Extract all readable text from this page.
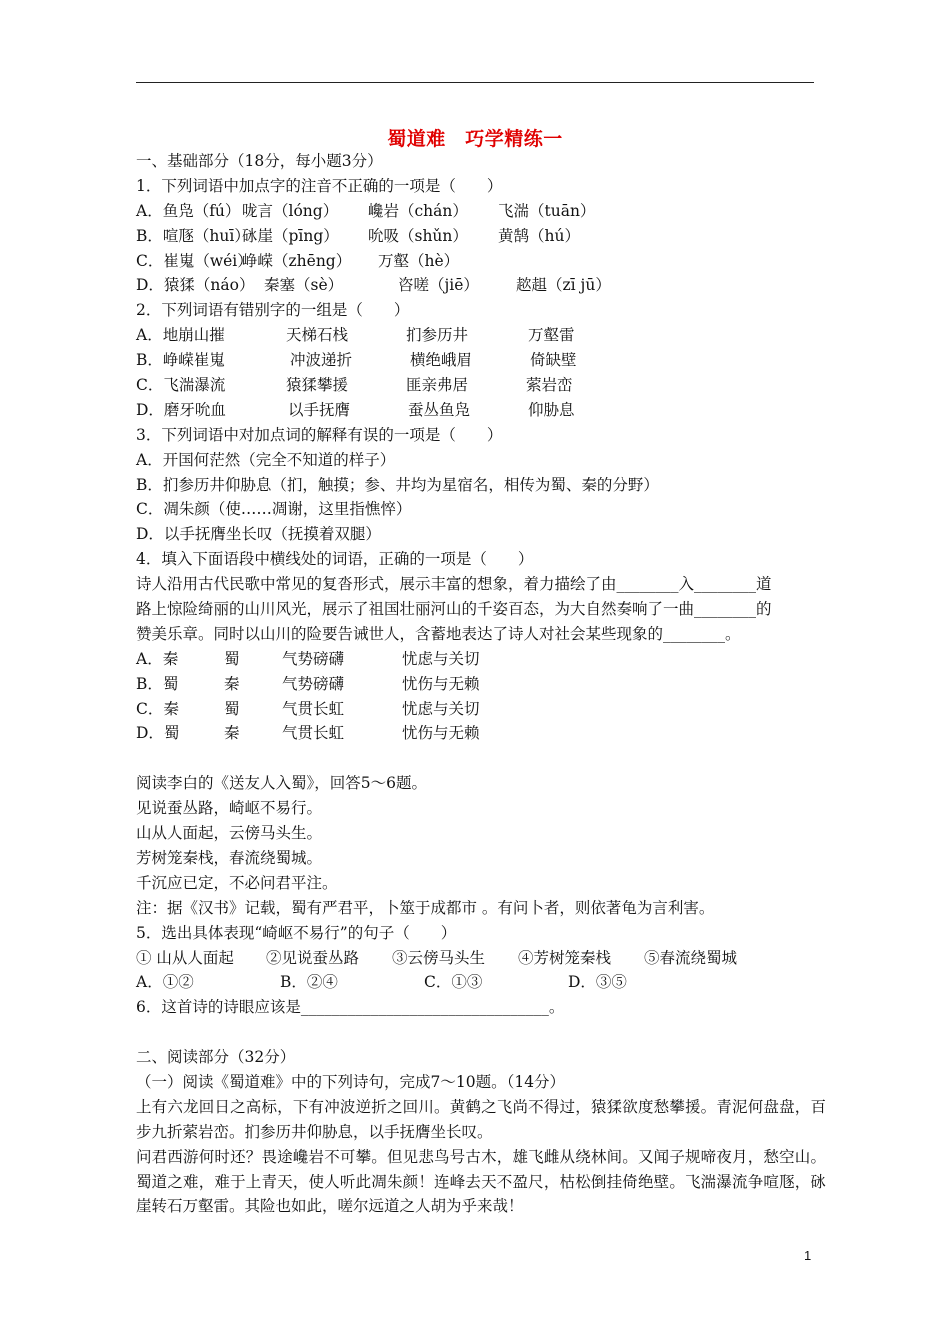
蜀道难　巧学精练一
一、基础部分（18分，每小题3分）
1．下列词语中加点字的注音不正确的一项是（　　）
A．鱼凫（fú） 咙言（lóng） 巉岩（chán） 飞湍（tuān）
B．喧豗（huī）砯崖（pīng） 吮吸（shǔn） 黄鹄（hú）
C．崔嵬（wéi）峥嵘（zhēng） 万壑（hè）
D．猿猱（náo） 秦塞（sè）	咨嗟（jiē） 趑趄（zī jū）
2．下列词语有错别字的一组是（　　）
A．地崩山摧	天梯石栈	扪参历井	万壑雷
B．峥嵘崔嵬	冲波递折	横绝峨眉	倚缺壁
C．飞湍瀑流	猿猱攀援	匪亲弗居	萦岩峦
D．磨牙吮血	以手抚膺	蚕丛鱼凫	仰胁息
3．下列词语中对加点词的解释有误的一项是（　　）
A．开国何茫然（完全不知道的样子）
B．扪参历井仰胁息（扪，触摸；参、井均为星宿名，相传为蜀、秦的分野）
C．凋朱颜（使……凋谢，这里指憔悴）
D．以手抚膺坐长叹（抚摸着双腿）
4．填入下面语段中横线处的词语，正确的一项是（　　）
诗人沿用古代民歌中常见的复沓形式，展示丰富的想象，着力描绘了由________入________道
路上惊险绮丽的山川风光，展示了祖国壮丽河山的千姿百态，为大自然奏响了一曲________的
赞美乐章。同时以山川的险要告诫世人，含蓄地表达了诗人对社会某些现象的________。
A．秦	蜀	气势磅礴	忧虑与关切
B．蜀	秦	气势磅礴	忧伤与无赖
C．秦	蜀	气贯长虹	忧虑与关切
D．蜀	秦	气贯长虹	忧伤与无赖
阅读李白的《送友人入蜀》，回答5～6题。
见说蚕丛路，崎岖不易行。
山从人面起，云傍马头生。
芳树笼秦栈，春流绕蜀城。
千沉应已定，不必问君平注。
注：据《汉书》记载，蜀有严君平，卜筮于成都市 。有问卜者，则依著龟为言利害。
5．选出具体表现“崎岖不易行”的句子（　　）
① 山从人面起 ②见说蚕丛路 ③云傍马头生 ④芳树笼秦栈 ⑤春流绕蜀城
A．①②	B．②④	C．①③	D．③⑤
6．这首诗的诗眼应该是________________________________。
二、阅读部分（32分）
（一）阅读《蜀道难》中的下列诗句，完成7～10题。（14分）
上有六龙回日之高标，下有冲波逆折之回川。黄鹤之飞尚不得过，猿猱欲度愁攀援。青泥何盘盘，百步九折萦岩峦。扪参历井仰胁息，以手抚膺坐长叹。
问君西游何时还？畏途巉岩不可攀。但见悲鸟号古木，雄飞雌从绕林间。又闻子规啼夜月，愁空山。蜀道之难，难于上青天，使人听此凋朱颜！连峰去天不盈尺，枯松倒挂倚绝壁。飞湍瀑流争喧豗，砯崖转石万壑雷。其险也如此，嗟尔远道之人胡为乎来哉！
1
